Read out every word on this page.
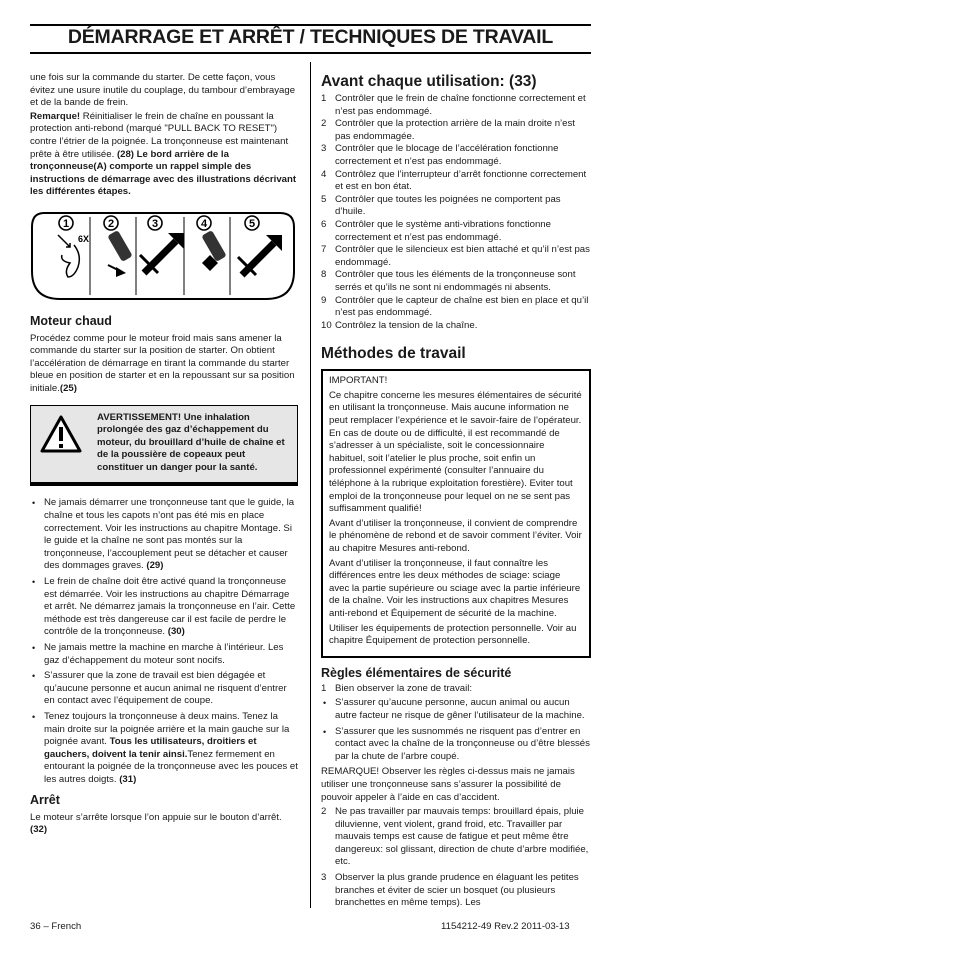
DÉMARRAGE ET ARRÊT / TECHNIQUES DE TRAVAIL

une fois sur la commande du starter. De cette façon, vous évitez une usure inutile du couplage, du tambour d’embrayage et de la bande de frein.

Remarque! Réinitialiser le frein de chaîne en poussant la protection anti-rebond (marqué "PULL BACK TO RESET") contre l’étrier de la poignée. La tronçonneuse est maintenant prête à être utilisée. (28) Le bord arrière de la tronçonneuse(A) comporte un rappel simple des instructions de démarrage avec des illustrations décrivant les différentes étapes.

1
6X
2	3	4	5

Moteur chaud

Procédez comme pour le moteur froid mais sans amener la commande du starter sur la position de starter. On obtient l’accélération de démarrage en tirant la commande du starter bleue en position de starter et en la repoussant sur sa position initiale.(25)

AVERTISSEMENT! Une inhalation prolongée des gaz d’échappement du moteur, du brouillard d’huile de chaîne et de la poussière de copeaux peut constituer un danger pour la santé.
• Ne jamais démarrer une tronçonneuse tant que le guide, la chaîne et tous les capots n’ont pas été mis en place correctement. Voir les instructions au chapitre Montage. Si le guide et la chaîne ne sont pas montés sur la tronçonneuse, l’accouplement peut se détacher et causer des dommages graves. (29)
• Le frein de chaîne doit être activé quand la tronçonneuse est démarrée. Voir les instructions au chapitre Démarrage et arrêt. Ne démarrez jamais la tronçonneuse en l’air. Cette méthode est très dangereuse car il est facile de perdre le contrôle de la tronçonneuse. (30)
• Ne jamais mettre la machine en marche à l’intérieur. Les gaz d’échappement du moteur sont nocifs.
• S’assurer que la zone de travail est bien dégagée et qu’aucune personne et aucun animal ne risquent d’entrer en contact avec l’équipement de coupe.
• Tenez toujours la tronçonneuse à deux mains. Tenez la main droite sur la poignée arrière et la main gauche sur la poignée avant. Tous les utilisateurs, droitiers et gauchers, doivent la tenir ainsi.Tenez fermement en entourant la poignée de la tronçonneuse avec les pouces et les autres doigts. (31)

Arrêt

Le moteur s’arrête lorsque l’on appuie sur le bouton d’arrêt. (32)

Avant chaque utilisation: (33)

1 Contrôler que le frein de chaîne fonctionne correctement et n’est pas endommagé.
2 Contrôler que la protection arrière de la main droite n’est pas endommagée.
3 Contrôler que le blocage de l’accélération fonctionne correctement et n’est pas endommagé.
4 Contrôlez que l’interrupteur d’arrêt fonctionne correctement et est en bon état.
5 Contrôler que toutes les poignées ne comportent pas d’huile.
6 Contrôler que le système anti-vibrations fonctionne correctement et n’est pas endommagé.
7 Contrôler que le silencieux est bien attaché et qu’il n’est pas endommagé.
8 Contrôler que tous les éléments de la tronçonneuse sont serrés et qu’ils ne sont ni endommagés ni absents.
9 Contrôler que le capteur de chaîne est bien en place et qu’il n’est pas endommagé.
10 Contrôlez la tension de la chaîne.

Méthodes de travail

IMPORTANT!

Ce chapitre concerne les mesures élémentaires de sécurité en utilisant la tronçonneuse. Mais aucune information ne peut remplacer l’expérience et le savoir-faire de l’opérateur. En cas de doute ou de difficulté, il est recommandé de s’adresser à un spécialiste, soit le concessionnaire habituel, soit l’atelier le plus proche, soit enfin un professionnel expérimenté (consulter l’annuaire du téléphone à la rubrique exploitation forestière). Eviter tout emploi de la tronçonneuse pour lequel on ne se sent pas suffisamment qualifié!

Avant d’utiliser la tronçonneuse, il convient de comprendre le phénomène de rebond et de savoir comment l’éviter. Voir au chapitre Mesures anti-rebond.

Avant d’utiliser la tronçonneuse, il faut connaître les différences entre les deux méthodes de sciage: sciage avec la partie supérieure ou sciage avec la partie inférieure de la chaîne. Voir les instructions aux chapitres Mesures anti-rebond et Équipement de sécurité de la machine.

Utiliser les équipements de protection personnelle. Voir au chapitre Équipement de protection personnelle.

Règles élémentaires de sécurité

1 Bien observer la zone de travail:
• S’assurer qu’aucune personne, aucun animal ou aucun autre facteur ne risque de gêner l’utilisateur de la machine.
• S’assurer que les susnommés ne risquent pas d’entrer en contact avec la chaîne de la tronçonneuse ou d’être blessés par la chute de l’arbre coupé.

REMARQUE! Observer les règles ci-dessus mais ne jamais utiliser une tronçonneuse sans s’assurer la possibilité de pouvoir appeler à l’aide en cas d’accident.

2 Ne pas travailler par mauvais temps: brouillard épais, pluie diluvienne, vent violent, grand froid, etc. Travailler par mauvais temps est cause de fatigue et peut même être dangereux: sol glissant, direction de chute d’arbre modifiée, etc.
3 Observer la plus grande prudence en élaguant les petites branches et éviter de scier un bosquet (ou plusieurs branchettes en même temps). Les
36 – French	1154212-49 Rev.2 2011-03-13
